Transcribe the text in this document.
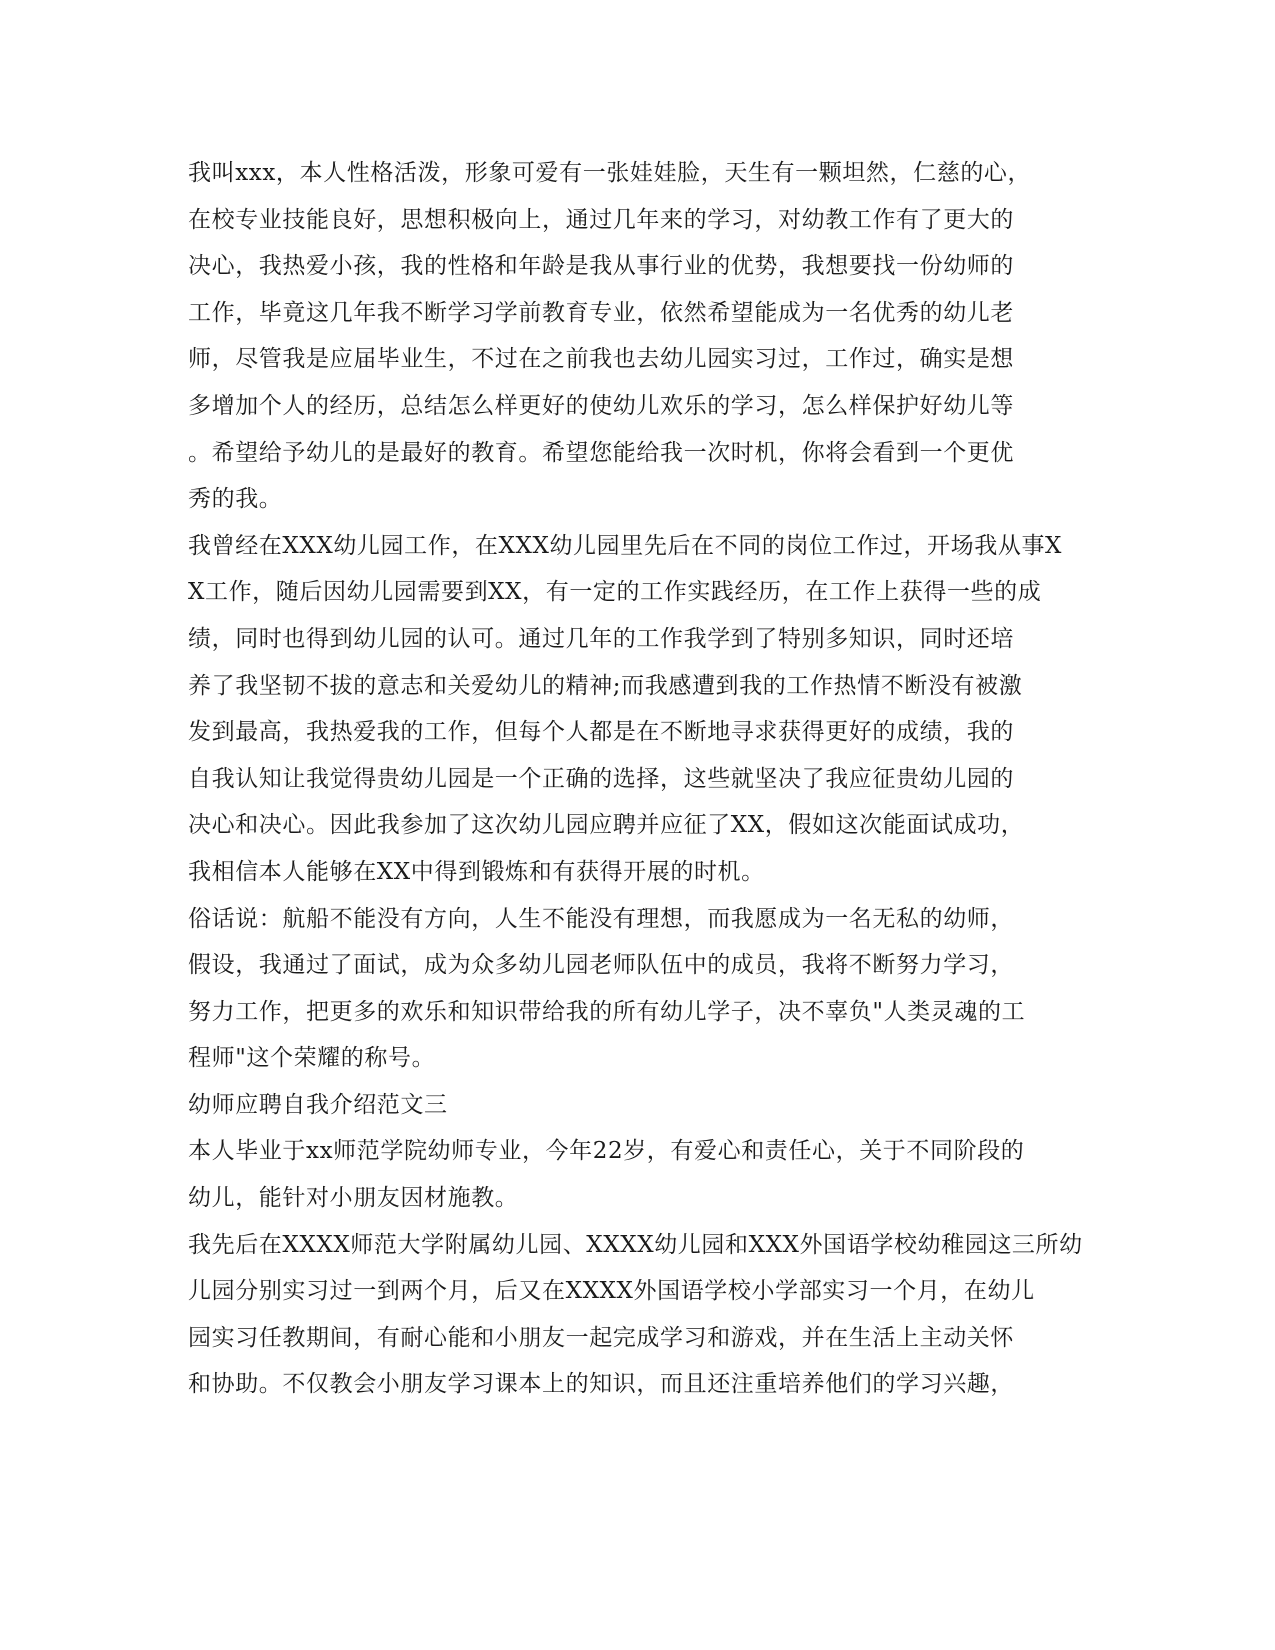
我叫xxx，本人性格活泼，形象可爱有一张娃娃脸，天生有一颗坦然，仁慈的心，
在校专业技能良好，思想积极向上，通过几年来的学习，对幼教工作有了更大的
决心，我热爱小孩，我的性格和年龄是我从事行业的优势，我想要找一份幼师的
工作，毕竟这几年我不断学习学前教育专业，依然希望能成为一名优秀的幼儿老
师，尽管我是应届毕业生，不过在之前我也去幼儿园实习过，工作过，确实是想
多增加个人的经历，总结怎么样更好的使幼儿欢乐的学习，怎么样保护好幼儿等
。希望给予幼儿的是最好的教育。希望您能给我一次时机，你将会看到一个更优
秀的我。
我曾经在XXX幼儿园工作，在XXX幼儿园里先后在不同的岗位工作过，开场我从事X
X工作，随后因幼儿园需要到XX，有一定的工作实践经历，在工作上获得一些的成
绩，同时也得到幼儿园的认可。通过几年的工作我学到了特别多知识，同时还培
养了我坚韧不拔的意志和关爱幼儿的精神;而我感遭到我的工作热情不断没有被激
发到最高，我热爱我的工作，但每个人都是在不断地寻求获得更好的成绩，我的
自我认知让我觉得贵幼儿园是一个正确的选择，这些就坚决了我应征贵幼儿园的
决心和决心。因此我参加了这次幼儿园应聘并应征了XX，假如这次能面试成功，
我相信本人能够在XX中得到锻炼和有获得开展的时机。
俗话说：航船不能没有方向，人生不能没有理想，而我愿成为一名无私的幼师，
假设，我通过了面试，成为众多幼儿园老师队伍中的成员，我将不断努力学习，
努力工作，把更多的欢乐和知识带给我的所有幼儿学子，决不辜负"人类灵魂的工
程师"这个荣耀的称号。
幼师应聘自我介绍范文三
本人毕业于xx师范学院幼师专业，今年22岁，有爱心和责任心，关于不同阶段的
幼儿，能针对小朋友因材施教。
我先后在XXXX师范大学附属幼儿园、XXXX幼儿园和XXX外国语学校幼稚园这三所幼
儿园分别实习过一到两个月，后又在XXXX外国语学校小学部实习一个月，在幼儿
园实习任教期间，有耐心能和小朋友一起完成学习和游戏，并在生活上主动关怀
和协助。不仅教会小朋友学习课本上的知识，而且还注重培养他们的学习兴趣，
